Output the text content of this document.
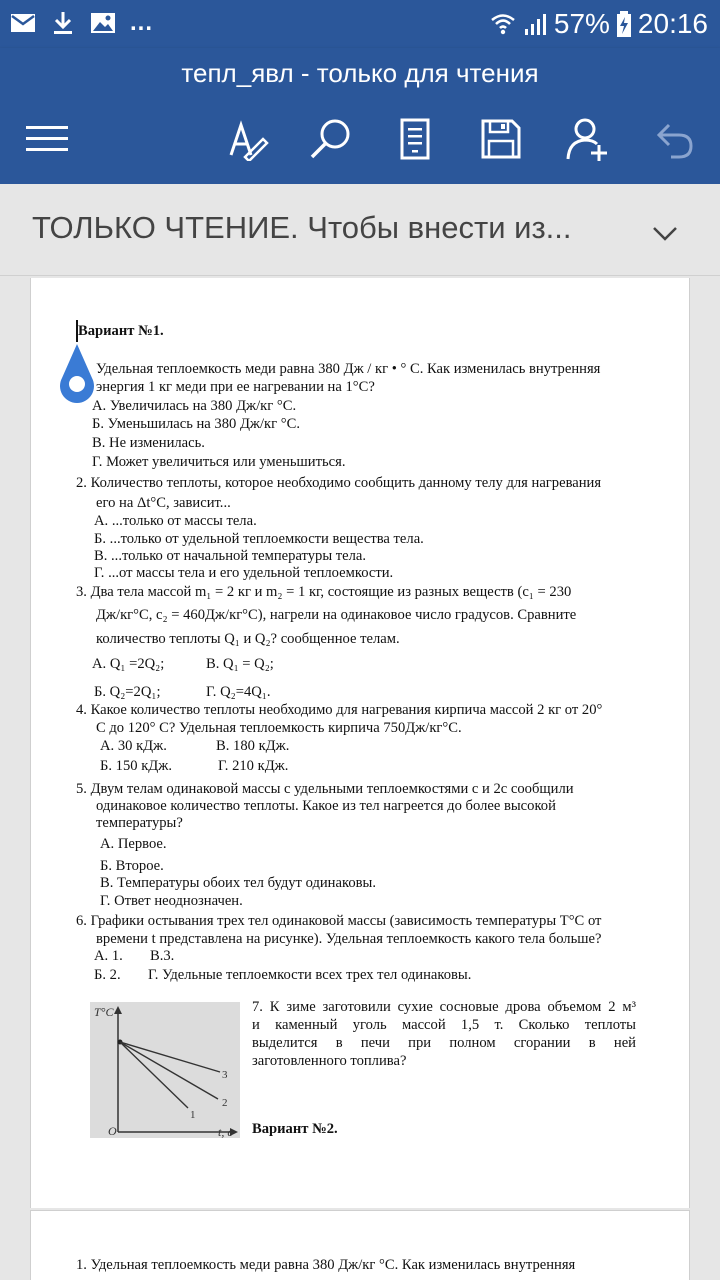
...	57% 20:16
тепл_явл - только для чтения
ТОЛЬКО ЧТЕНИЕ. Чтобы внести из...
Вариант №1.
Удельная теплоемкость меди равна 380 Дж / кг • ° С. Как изменилась внутренняя
энергия 1 кг меди при ее нагревании на 1°С?
А. Увеличилась на 380 Дж/кг °С.
Б. Уменьшилась на 380 Дж/кг °С.
В. Не изменилась.
Г. Может увеличиться или уменьшиться.
2. Количество теплоты, которое необходимо сообщить данному телу для нагревания
его на Δt°С, зависит...
А. ...только от массы тела.
Б. ...только от удельной теплоемкости вещества тела.
В. ...только от начальной температуры тела.
Г. ...от массы тела и его удельной теплоемкости.
3. Два тела массой m₁ = 2 кг и m₂ = 1 кг, состоящие из разных веществ (c₁ = 230
Дж/кг°С, c₂ = 460Дж/кг°С), нагрели на одинаковое число градусов. Сравните
количество теплоты Q₁ и Q₂? сообщенное телам.
А. Q₁ =2Q₂;	В. Q₁ = Q₂;
Б. Q₂=2Q₁;	Г. Q₂=4Q₁.
4. Какое количество теплоты необходимо для нагревания кирпича массой 2 кг от 20°
С до 120° С? Удельная теплоемкость кирпича 750Дж/кг°С.
А. 30 кДж.	В. 180 кДж.
Б. 150 кДж.	Г. 210 кДж.
5. Двум телам одинаковой массы с удельными теплоемкостями c и 2c сообщили
одинаковое количество теплоты. Какое из тел нагреется до более высокой
температуры?
А. Первое.
Б. Второе.
В. Температуры обоих тел будут одинаковы.
Г. Ответ неоднозначен.
6. Графики остывания трех тел одинаковой массы (зависимость температуры Т°С от
времени t представлена на рисунке). Удельная теплоемкость какого тела больше?
А. 1. В.3.
Б. 2. Г. Удельные теплоемкости всех трех тел одинаковы.
T°C
O	t, c
1
2
3
7. К зиме заготовили сухие сосновые дрова объемом 2 м³
и каменный уголь массой 1,5 т. Сколько теплоты
выделится в печи при полном сгорании в ней
заготовленного топлива?
Вариант №2.
1. Удельная теплоемкость меди равна 380 Дж/кг °С. Как изменилась внутренняя
